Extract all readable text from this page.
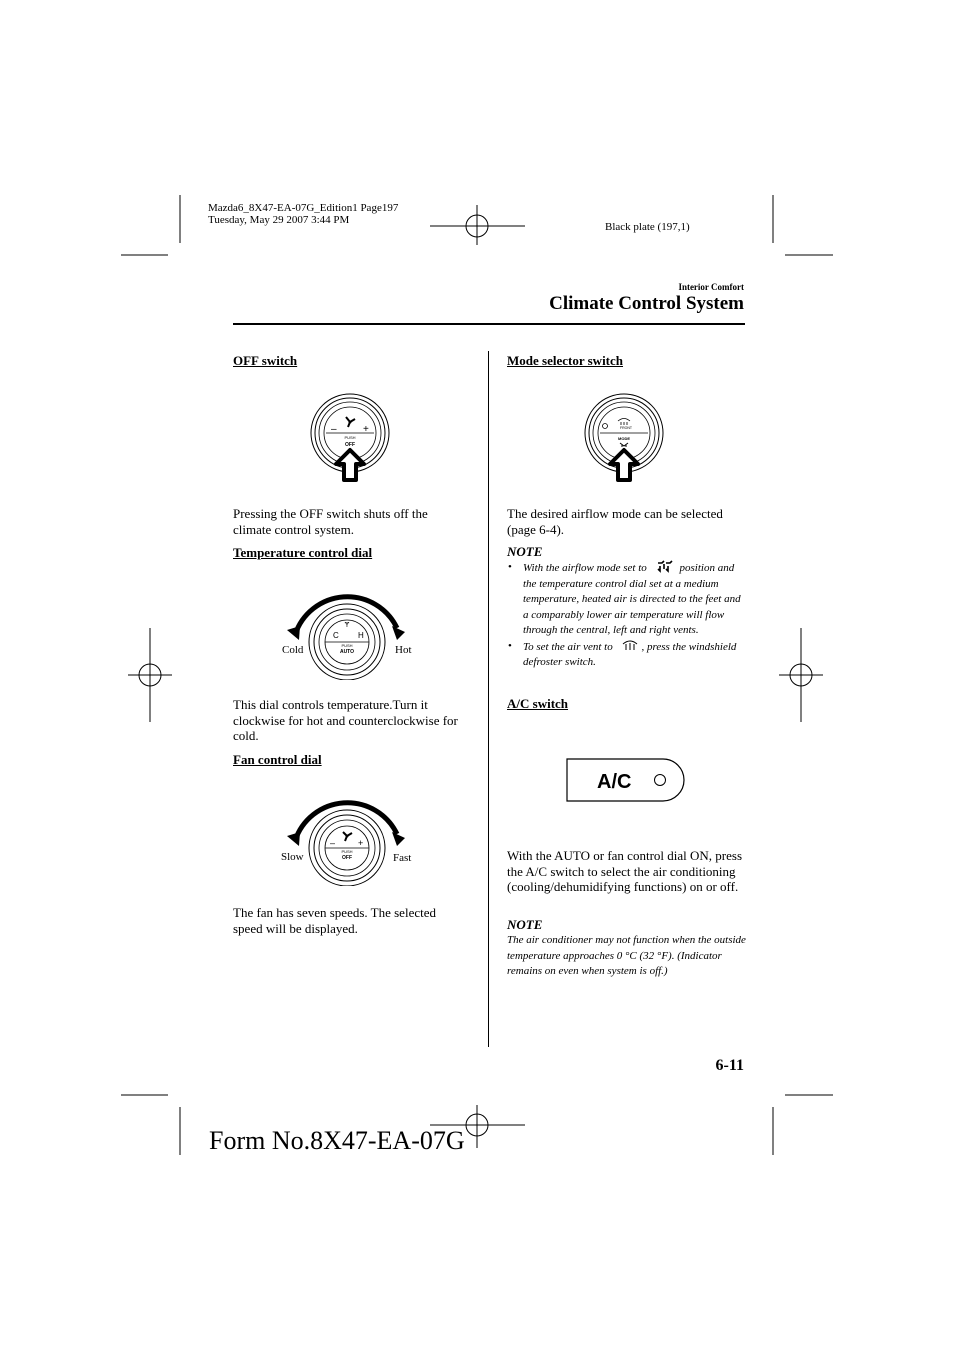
Mazda6_8X47-EA-07G_Edition1 Page197
Tuesday, May 29 2007 3:44 PM
Black plate (197,1)
Interior Comfort
Climate Control System
OFF switch
–	+
PUSH
OFF
Pressing the OFF switch shuts off the climate control system.
Temperature control dial
C H
Ɏ
PUSH
AUTO
Cold	Hot
This dial controls temperature.Turn it clockwise for hot and counterclockwise for cold.
Fan control dial
–	+
PUSH
OFF
Slow	Fast
The fan has seven speeds. The selected speed will be displayed.
Mode selector switch
FRONT
MODE
The desired airflow mode can be selected (page 6-4).
NOTE
• With the airflow mode set to	position and the temperature control dial set at a medium temperature, heated air is directed to the feet and a comparably lower air temperature will flow through the central, left and right vents.
• To set the air vent to	, press the windshield defroster switch.
A/C switch
A/C
With the AUTO or fan control dial ON, press the A/C switch to select the air conditioning (cooling/dehumidifying functions) on or off.
NOTE
The air conditioner may not function when the outside temperature approaches 0 °C (32 °F). (Indicator remains on even when system is off.)
6-11
Form No.8X47-EA-07G
